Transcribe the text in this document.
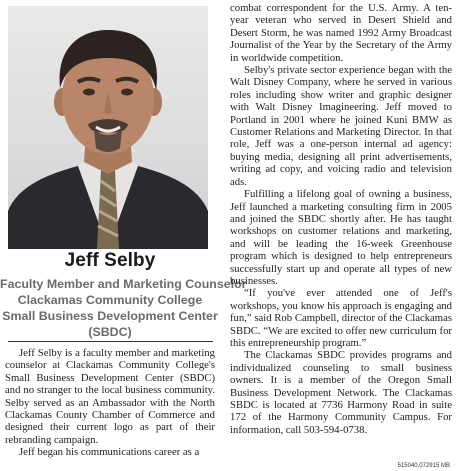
Jeff Selby
Faculty Member and Marketing Counselor
Clackamas Community College
Small Business Development Center
(SBDC)

Jeff Selby is a faculty member and marketing counselor at Clackamas Community College's Small Business Development Center (SBDC) and no stranger to the local business community. Selby served as an Ambassador with the North Clackamas County Chamber of Commerce and designed their current logo as part of their rebranding campaign.

Jeff began his communications career as a

combat correspondent for the U.S. Army. A ten-year veteran who served in Desert Shield and Desert Storm, he was named 1992 Army Broadcast Journalist of the Year by the Secretary of the Army in worldwide competition.

Selby's private sector experience began with the Walt Disney Company, where he served in various roles including show writer and graphic designer with Walt Disney Imagineering. Jeff moved to Portland in 2001 where he joined Kuni BMW as Customer Relations and Marketing Director. In that role, Jeff was a one-person internal ad agency: buying media, designing all print advertisements, writing ad copy, and voicing radio and television ads.

Fulfilling a lifelong goal of owning a business, Jeff launched a marketing consulting firm in 2005 and joined the SBDC shortly after. He has taught workshops on customer relations and marketing, and will be leading the 16-week Greenhouse program which is designed to help entrepreneurs successfully start up and operate all types of new businesses.

“If you've ever attended one of Jeff's workshops, you know his approach is engaging and fun,” said Rob Campbell, director of the Clackamas SBDC. “We are excited to offer new curriculum for this entrepreneurship program.”

The Clackamas SBDC provides programs and individualized counseling to small business owners. It is a member of the Oregon Small Business Development Network. The Clackamas SBDC is located at 7736 Harmony Road in suite 172 of the Harmony Community Campus. For information, call 503-594-0738.

515040.072915 MB
